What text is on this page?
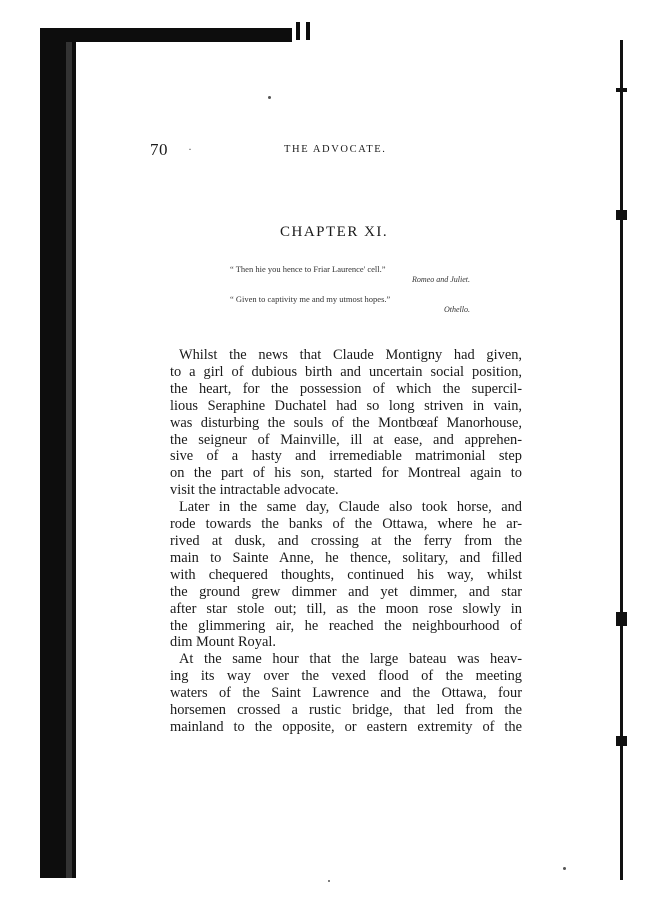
70 ·	THE ADVOCATE.
CHAPTER XI.
“ Then hie you hence to Friar Laurence' cell.”
Romeo and Juliet.
“ Given to captivity me and my utmost hopes.”
Othello.
Whilst the news that Claude Montigny had given,
to a girl of dubious birth and uncertain social position,
the heart, for the possession of which the supercil-
lious Seraphine Duchatel had so long striven in vain,
was disturbing the souls of the Montbœaf Manorhouse,
the seigneur of Mainville, ill at ease, and apprehen-
sive of a hasty and irremediable matrimonial step
on the part of his son, started for Montreal again to
visit the intractable advocate.
Later in the same day, Claude also took horse, and
rode towards the banks of the Ottawa, where he ar-
rived at dusk, and crossing at the ferry from the
main to Sainte Anne, he thence, solitary, and filled
with chequered thoughts, continued his way, whilst
the ground grew dimmer and yet dimmer, and star
after star stole out; till, as the moon rose slowly in
the glimmering air, he reached the neighbourhood of
dim Mount Royal.
At the same hour that the large bateau was heav-
ing its way over the vexed flood of the meeting
waters of the Saint Lawrence and the Ottawa, four
horsemen crossed a rustic bridge, that led from the
mainland to the opposite, or eastern extremity of the
